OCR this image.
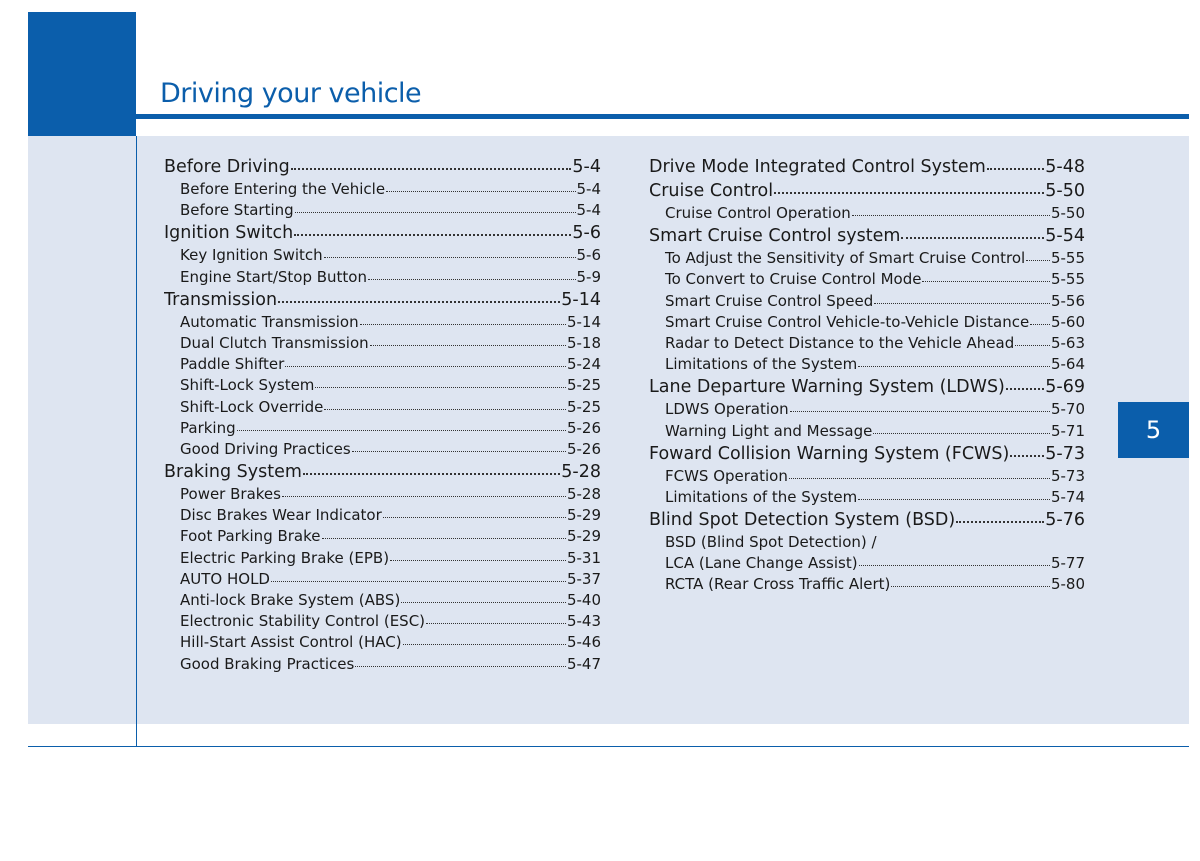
Driving your vehicle
5
Before Driving	5-4
Before Entering the Vehicle	5-4
Before Starting	5-4
Ignition Switch	5-6
Key Ignition Switch	5-6
Engine Start/Stop Button	5-9
Transmission	5-14
Automatic Transmission	5-14
Dual Clutch Transmission	5-18
Paddle Shifter	5-24
Shift-Lock System	5-25
Shift-Lock Override	5-25
Parking	5-26
Good Driving Practices	5-26
Braking System	5-28
Power Brakes	5-28
Disc Brakes Wear Indicator	5-29
Foot Parking Brake	5-29
Electric Parking Brake (EPB)	5-31
AUTO HOLD	5-37
Anti-lock Brake System (ABS)	5-40
Electronic Stability Control (ESC)	5-43
Hill-Start Assist Control (HAC)	5-46
Good Braking Practices	5-47
Drive Mode Integrated Control System	5-48
Cruise Control	5-50
Cruise Control Operation	5-50
Smart Cruise Control system	5-54
To Adjust the Sensitivity of Smart Cruise Control 5-55
To Convert to Cruise Control Mode	5-55
Smart Cruise Control Speed	5-56
Smart Cruise Control Vehicle-to-Vehicle Distance 5-60
Radar to Detect Distance to the Vehicle Ahead 5-63
Limitations of the System	5-64
Lane Departure Warning System (LDWS) 5-69
LDWS Operation	5-70
Warning Light and Message	5-71
Foward Collision Warning System (FCWS) 5-73
FCWS Operation	5-73
Limitations of the System	5-74
Blind Spot Detection System (BSD)	5-76
BSD (Blind Spot Detection) /
LCA (Lane Change Assist)	5-77
RCTA (Rear Cross Traffic Alert)	5-80
